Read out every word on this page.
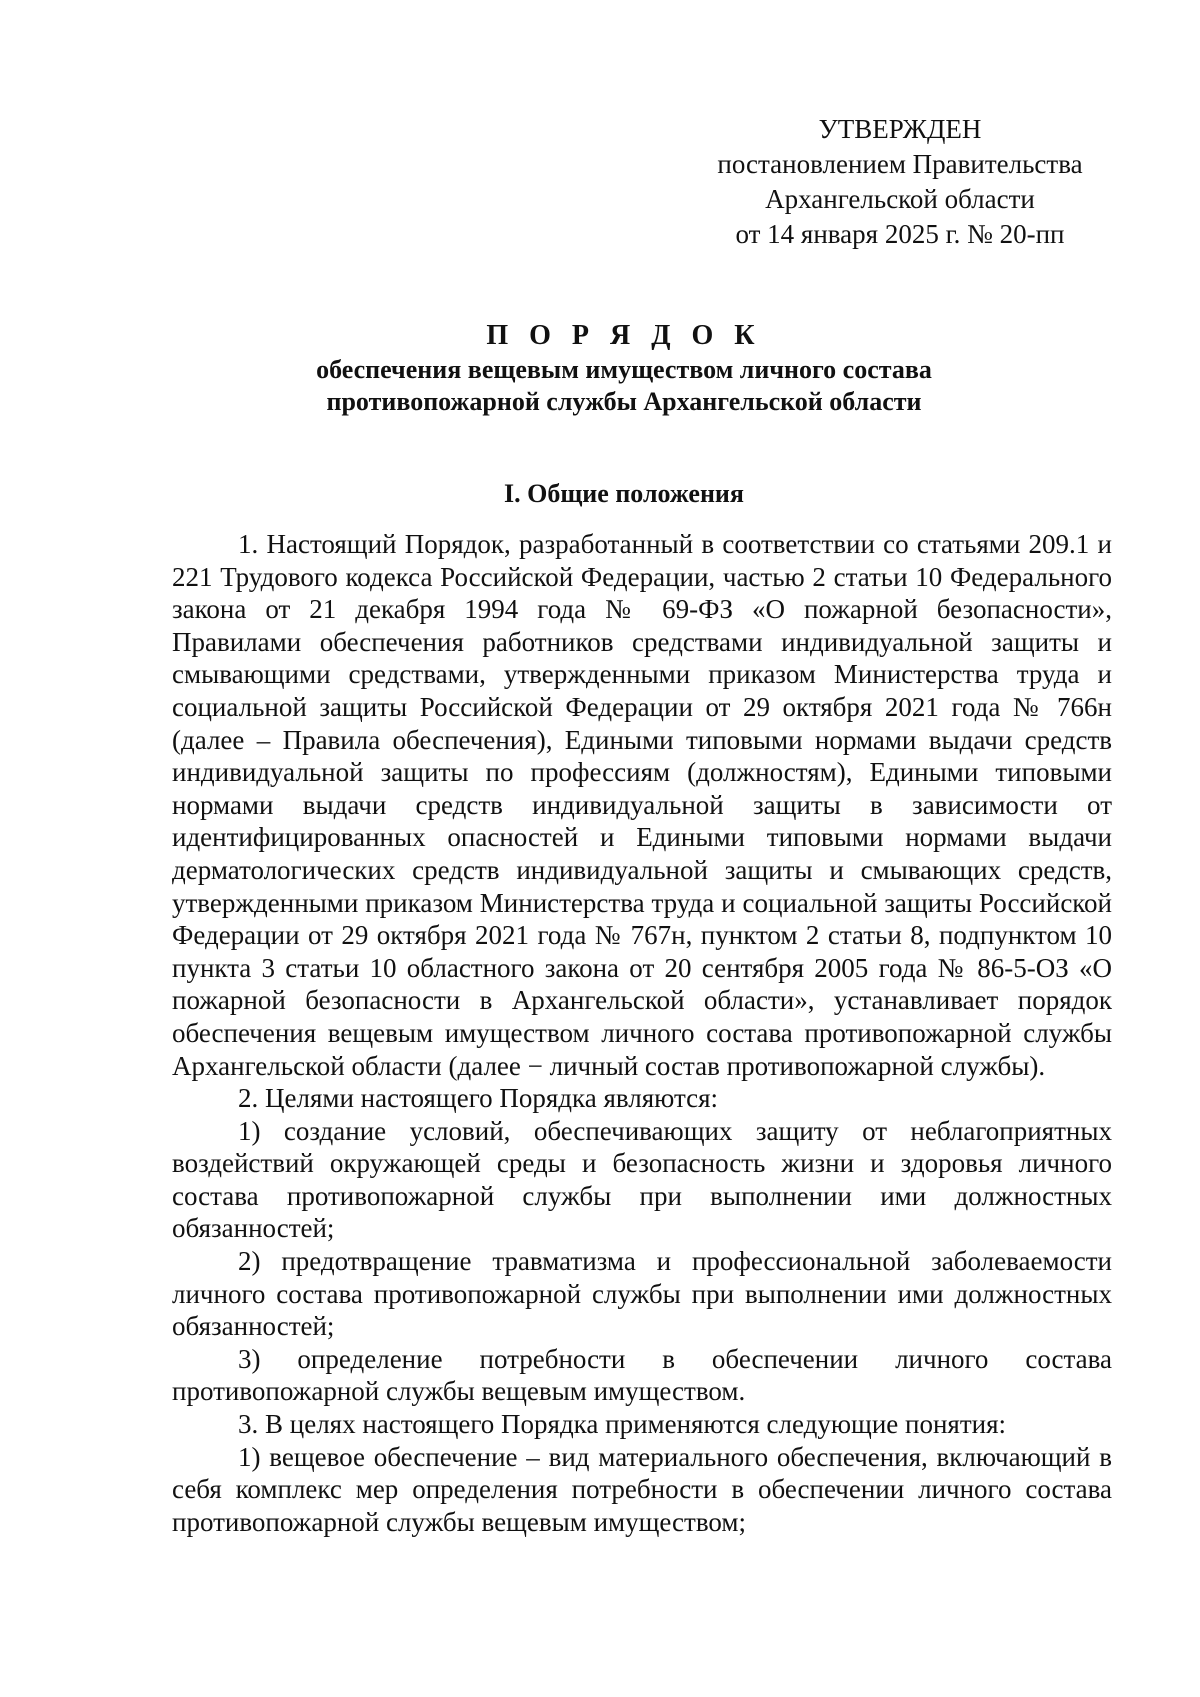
УТВЕРЖДЕН
постановлением Правительства
Архангельской области
от 14 января 2025 г. № 20-пп
П О Р Я Д О К
обеспечения вещевым имуществом личного состава
противопожарной службы Архангельской области
I. Общие положения

1. Настоящий Порядок, разработанный в соответствии со статьями 209.1 и 221 Трудового кодекса Российской Федерации, частью 2 статьи 10 Федерального закона от 21 декабря 1994 года № 69-ФЗ «О пожарной безопасности», Правилами обеспечения работников средствами индивидуальной защиты и смывающими средствами, утвержденными приказом Министерства труда и социальной защиты Российской Федерации от 29 октября 2021 года № 766н (далее – Правила обеспечения), Едиными типовыми нормами выдачи средств индивидуальной защиты по профессиям (должностям), Едиными типовыми нормами выдачи средств индивидуальной защиты в зависимости от идентифицированных опасностей и Едиными типовыми нормами выдачи дерматологических средств индивидуальной защиты и смывающих средств, утвержденными приказом Министерства труда и социальной защиты Российской Федерации от 29 октября 2021 года № 767н, пунктом 2 статьи 8, подпунктом 10 пункта 3 статьи 10 областного закона от 20 сентября 2005 года № 86-5-ОЗ «О пожарной безопасности в Архангельской области», устанавливает порядок обеспечения вещевым имуществом личного состава противопожарной службы Архангельской области (далее − личный состав противопожарной службы).

2. Целями настоящего Порядка являются:

1) создание условий, обеспечивающих защиту от неблагоприятных воздействий окружающей среды и безопасность жизни и здоровья личного состава противопожарной службы при выполнении ими должностных обязанностей;

2) предотвращение травматизма и профессиональной заболеваемости личного состава противопожарной службы при выполнении ими должностных обязанностей;

3) определение потребности в обеспечении личного состава противопожарной службы вещевым имуществом.

3. В целях настоящего Порядка применяются следующие понятия:

1) вещевое обеспечение – вид материального обеспечения, включающий в себя комплекс мер определения потребности в обеспечении личного состава противопожарной службы вещевым имуществом;
